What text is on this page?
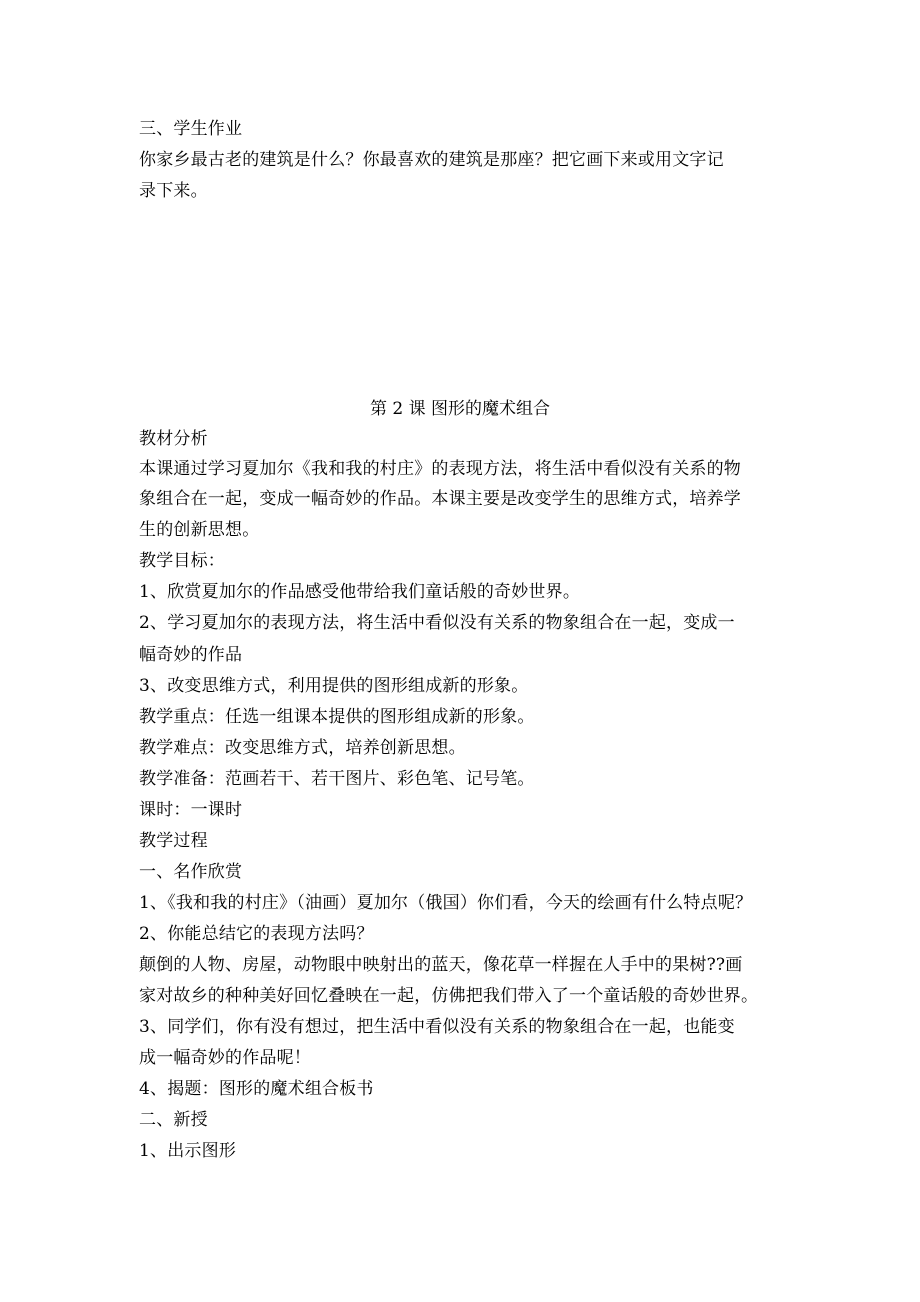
三、学生作业
你家乡最古老的建筑是什么？你最喜欢的建筑是那座？把它画下来或用文字记
录下来。
第 2 课 图形的魔术组合
教材分析
本课通过学习夏加尔《我和我的村庄》的表现方法，将生活中看似没有关系的物
象组合在一起，变成一幅奇妙的作品。本课主要是改变学生的思维方式，培养学
生的创新思想。
教学目标：
1、欣赏夏加尔的作品感受他带给我们童话般的奇妙世界。
2、学习夏加尔的表现方法，将生活中看似没有关系的物象组合在一起，变成一
幅奇妙的作品
3、改变思维方式，利用提供的图形组成新的形象。
教学重点：任选一组课本提供的图形组成新的形象。
教学难点：改变思维方式，培养创新思想。
教学准备：范画若干、若干图片、彩色笔、记号笔。
课时：一课时
教学过程
一、名作欣赏
1、《我和我的村庄》（油画）夏加尔（俄国）你们看，今天的绘画有什么特点呢？
2、你能总结它的表现方法吗？
颠倒的人物、房屋，动物眼中映射出的蓝天，像花草一样握在人手中的果树??画
家对故乡的种种美好回忆叠映在一起，仿佛把我们带入了一个童话般的奇妙世界。
3、同学们，你有没有想过，把生活中看似没有关系的物象组合在一起，也能变
成一幅奇妙的作品呢！
4、揭题：图形的魔术组合板书
二、新授
1、出示图形
